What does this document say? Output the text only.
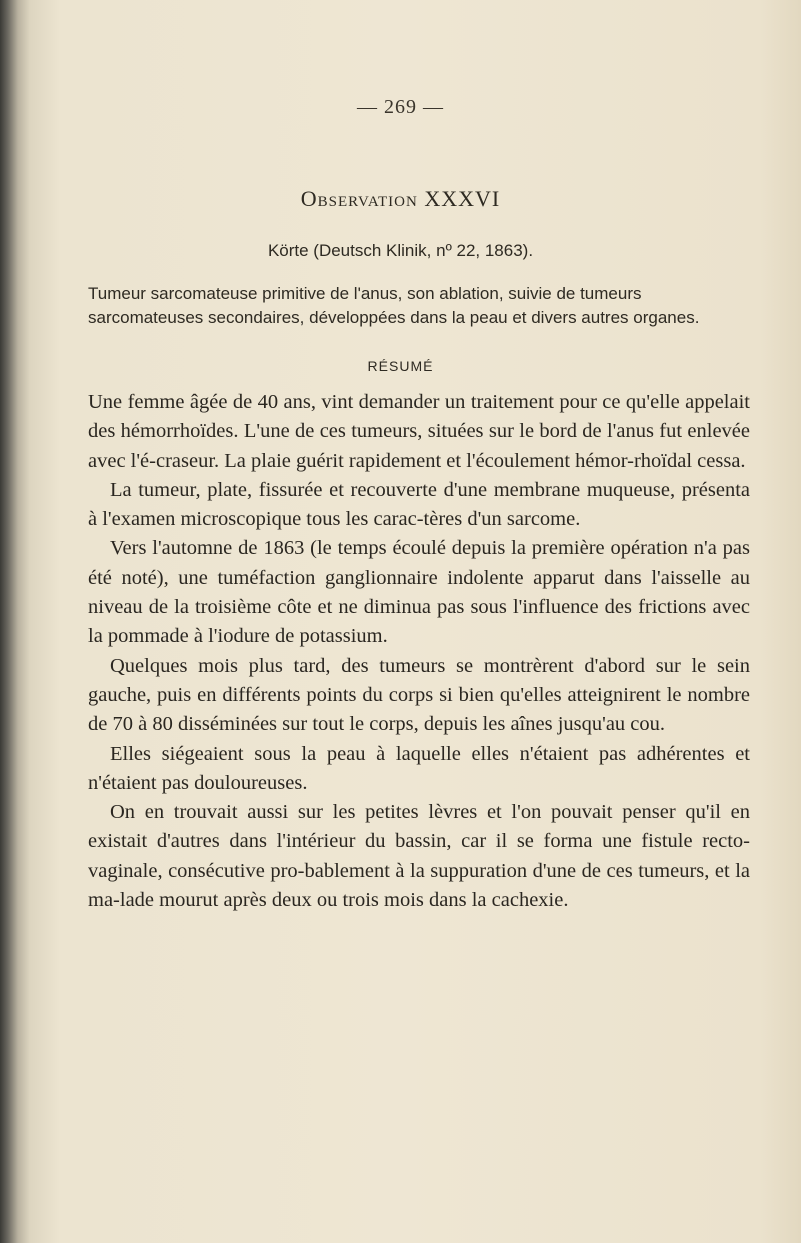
— 269 —
Observation XXXVI
Körte (Deutsch Klinik, nº 22, 1863).

Tumeur sarcomateuse primitive de l'anus, son ablation, suivie de tumeurs sarcomateuses secondaires, développées dans la peau et divers autres organes.

RÉSUMÉ

Une femme âgée de 40 ans, vint demander un traitement pour ce qu'elle appelait des hémorrhoïdes. L'une de ces tumeurs, situées sur le bord de l'anus fut enlevée avec l'é-craseur. La plaie guérit rapidement et l'écoulement hémor-rhoïdal cessa.

La tumeur, plate, fissurée et recouverte d'une membrane muqueuse, présenta à l'examen microscopique tous les carac-tères d'un sarcome.

Vers l'automne de 1863 (le temps écoulé depuis la première opération n'a pas été noté), une tuméfaction ganglionnaire indolente apparut dans l'aisselle au niveau de la troisième côte et ne diminua pas sous l'influence des frictions avec la pommade à l'iodure de potassium.

Quelques mois plus tard, des tumeurs se montrèrent d'abord sur le sein gauche, puis en différents points du corps si bien qu'elles atteignirent le nombre de 70 à 80 disséminées sur tout le corps, depuis les aînes jusqu'au cou.

Elles siégeaient sous la peau à laquelle elles n'étaient pas adhérentes et n'étaient pas douloureuses.

On en trouvait aussi sur les petites lèvres et l'on pouvait penser qu'il en existait d'autres dans l'intérieur du bassin, car il se forma une fistule recto-vaginale, consécutive pro-bablement à la suppuration d'une de ces tumeurs, et la ma-lade mourut après deux ou trois mois dans la cachexie.
